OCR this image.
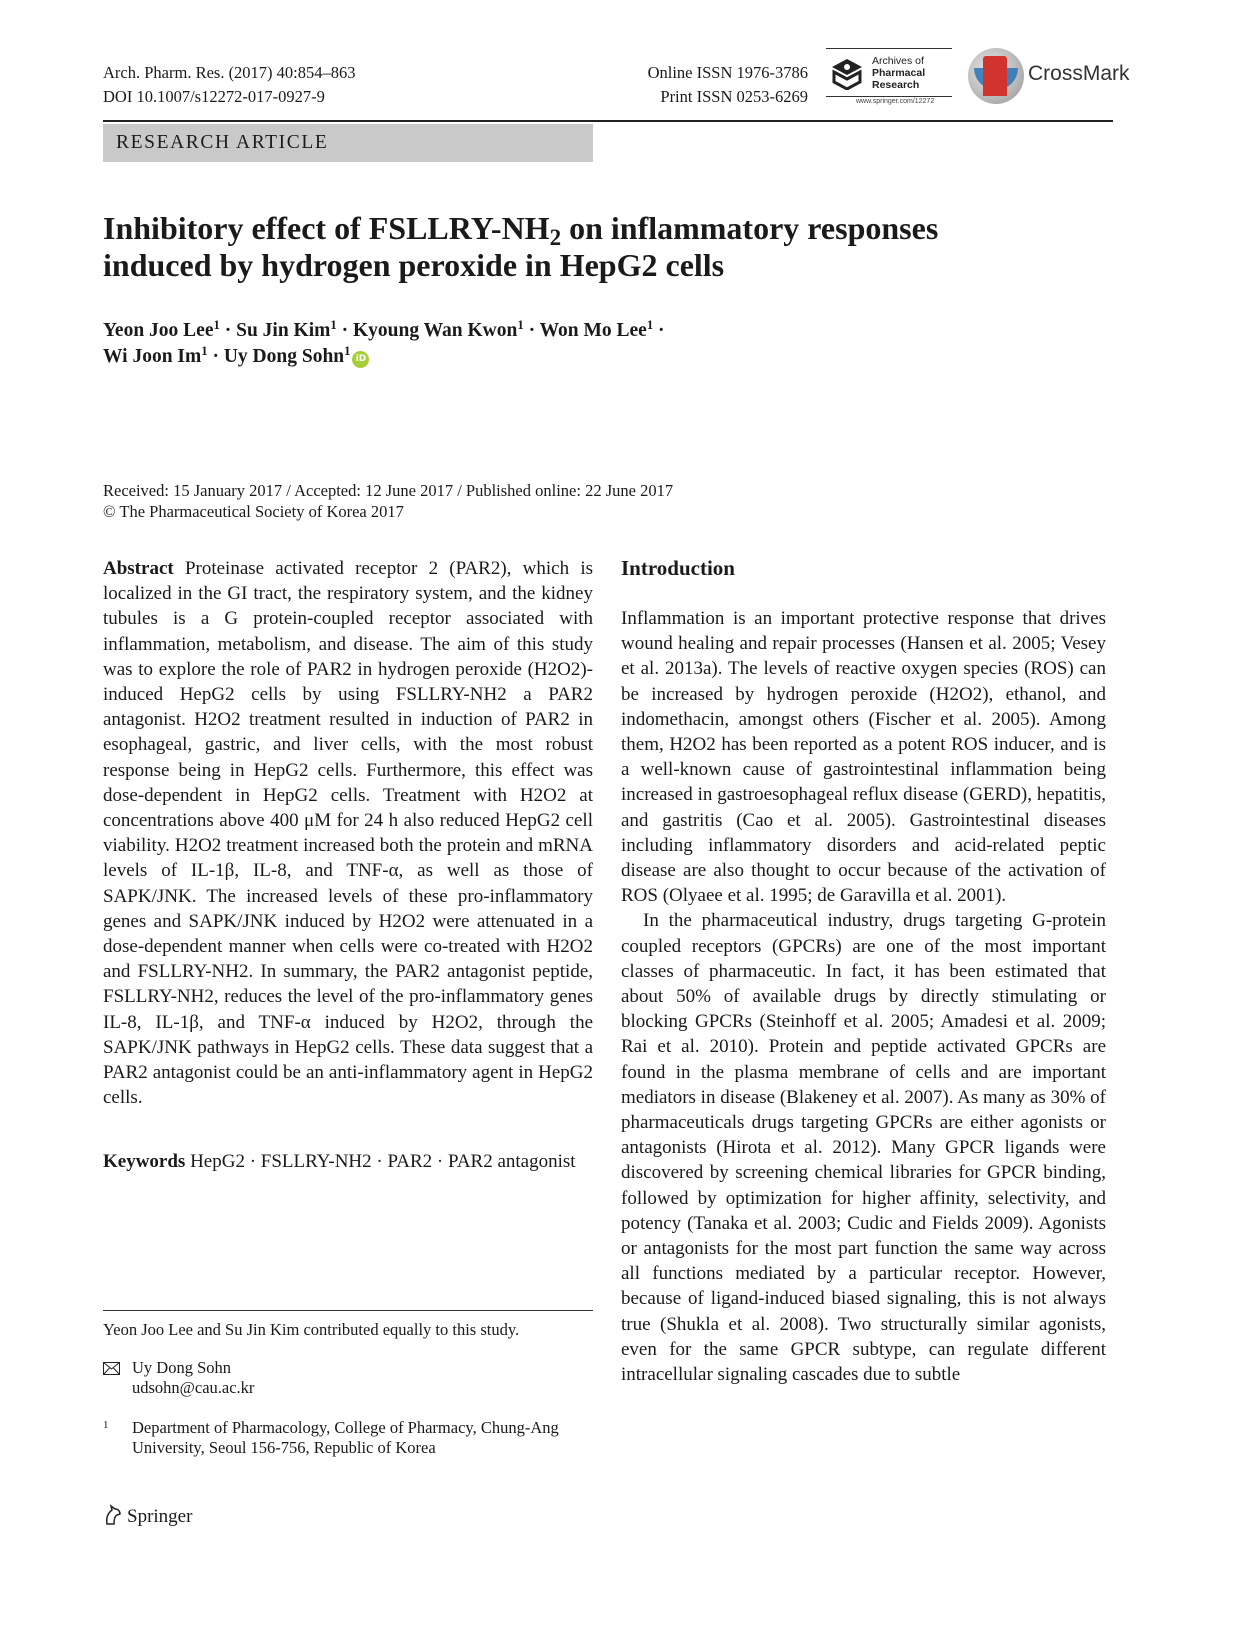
Arch. Pharm. Res. (2017) 40:854–863
DOI 10.1007/s12272-017-0927-9
Online ISSN 1976-3786
Print ISSN 0253-6269
Archives of
Pharmacal
Research
www.springer.com/12272
CrossMark
RESEARCH ARTICLE
Inhibitory effect of FSLLRY-$NH_2$ on inflammatory responses induced by hydrogen peroxide in HepG2 cells
Yeon Joo Lee$^1$ · Su Jin Kim$^1$ · Kyoung Wan Kwon$^1$ · Won Mo Lee$^1$ ·
Wi Joon $Im^1 \cdot Uy$ Dong Sohn$^1$iD
Received: 15 January 2017 / Accepted: 12 June 2017 / Published online: 22 June 2017
© The Pharmaceutical Society of Korea 2017

Abstract Proteinase activated receptor 2 (PAR2), which is localized in the GI tract, the respiratory system, and the kidney tubules is a G protein-coupled receptor associated with inflammation, metabolism, and disease. The aim of this study was to explore the role of PAR2 in hydrogen peroxide (H2O2)-induced HepG2 cells by using FSLLRY-NH2 a PAR2 antagonist. H2O2 treatment resulted in induction of PAR2 in esophageal, gastric, and liver cells, with the most robust response being in HepG2 cells. Furthermore, this effect was dose-dependent in HepG2 cells. Treatment with H2O2 at concentrations above 400 μM for 24 h also reduced HepG2 cell viability. H2O2 treatment increased both the protein and mRNA levels of IL-1β, IL-8, and TNF-α, as well as those of SAPK/JNK. The increased levels of these pro-inflammatory genes and SAPK/JNK induced by H2O2 were attenuated in a dose-dependent manner when cells were co-treated with H2O2 and FSLLRY-NH2. In summary, the PAR2 antagonist peptide, FSLLRY-NH2, reduces the level of the pro-inflammatory genes IL-8, IL-1β, and TNF-α induced by H2O2, through the SAPK/JNK pathways in HepG2 cells. These data suggest that a PAR2 antagonist could be an anti-inflammatory agent in HepG2 cells.

Keywords HepG2 · FSLLRY-NH2 · PAR2 · PAR2 antagonist
Yeon Joo Lee and Su Jin Kim contributed equally to this study.
Uy Dong Sohn
udsohn@cau.ac.kr
1 Department of Pharmacology, College of Pharmacy, Chung-Ang University, Seoul 156-756, Republic of Korea
Introduction

Inflammation is an important protective response that drives wound healing and repair processes (Hansen et al. 2005; Vesey et al. 2013a). The levels of reactive oxygen species (ROS) can be increased by hydrogen peroxide (H2O2), ethanol, and indomethacin, amongst others (Fischer et al. 2005). Among them, H2O2 has been reported as a potent ROS inducer, and is a well-known cause of gastrointestinal inflammation being increased in gastroesophageal reflux disease (GERD), hepatitis, and gastritis (Cao et al. 2005). Gastrointestinal diseases including inflammatory disorders and acid-related peptic disease are also thought to occur because of the activation of ROS (Olyaee et al. 1995; de Garavilla et al. 2001).

In the pharmaceutical industry, drugs targeting G-protein coupled receptors (GPCRs) are one of the most important classes of pharmaceutic. In fact, it has been estimated that about 50% of available drugs by directly stimulating or blocking GPCRs (Steinhoff et al. 2005; Amadesi et al. 2009; Rai et al. 2010). Protein and peptide activated GPCRs are found in the plasma membrane of cells and are important mediators in disease (Blakeney et al. 2007). As many as 30% of pharmaceuticals drugs targeting GPCRs are either agonists or antagonists (Hirota et al. 2012). Many GPCR ligands were discovered by screening chemical libraries for GPCR binding, followed by optimization for higher affinity, selectivity, and potency (Tanaka et al. 2003; Cudic and Fields 2009). Agonists or antagonists for the most part function the same way across all functions mediated by a particular receptor. However, because of ligand-induced biased signaling, this is not always true (Shukla et al. 2008). Two structurally similar agonists, even for the same GPCR subtype, can regulate different intracellular signaling cascades due to subtle

Springer
